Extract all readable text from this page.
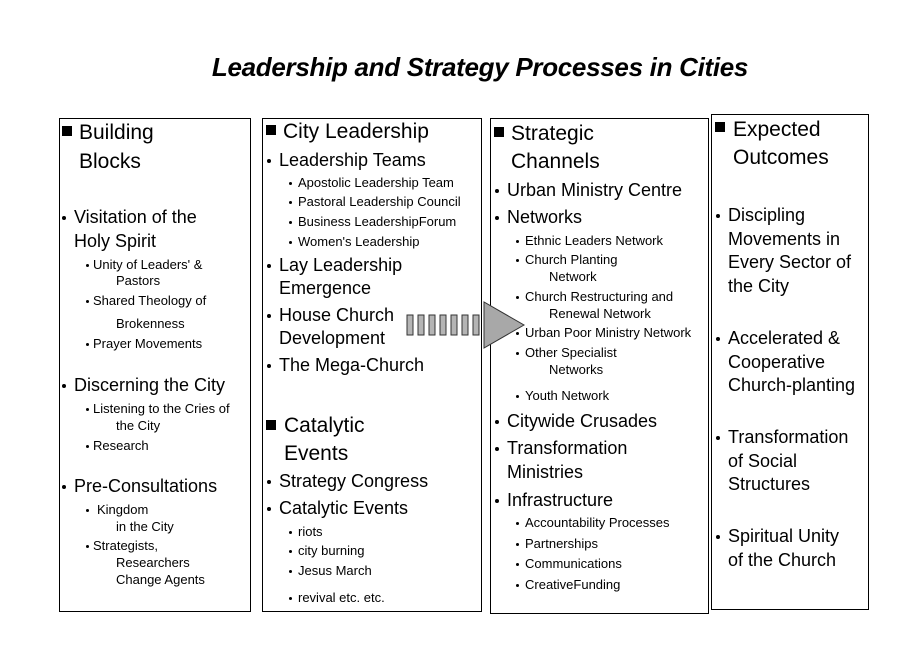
Leadership and Strategy Processes in Cities
Building
Blocks
Visitation of the
Holy Spirit
Unity of Leaders' &
Pastors
Shared Theology of
Brokenness
Prayer Movements
Discerning the City
Listening to the Cries of
the City
Research
Pre-Consultations
Kingdom
in the City
Strategists,
Researchers
Change Agents
City Leadership
Leadership Teams
Apostolic Leadership Team
Pastoral Leadership Council
Business LeadershipForum
Women's Leadership
Lay Leadership
Emergence
House Church
Development
The Mega-Church
Catalytic
Events
Strategy Congress
Catalytic Events
riots
city burning
Jesus March
revival etc. etc.
Strategic
Channels
Urban Ministry Centre
Networks
Ethnic Leaders Network
Church Planting
Network
Church Restructuring and
Renewal Network
Urban Poor Ministry Network
Other Specialist
Networks
Youth Network
Citywide Crusades
Transformation
Ministries
Infrastructure
Accountability Processes
Partnerships
Communications
CreativeFunding
Expected
Outcomes
Discipling
Movements in
Every Sector of
the City
Accelerated &
Cooperative
Church-planting
Transformation
of Social
Structures
Spiritual Unity
of the Church
